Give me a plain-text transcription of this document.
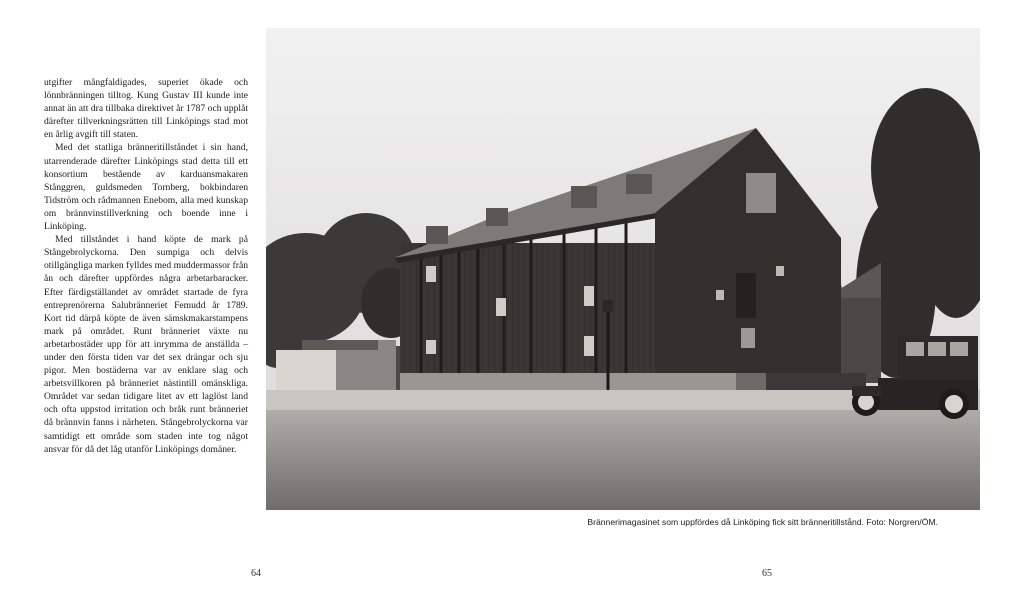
utgifter mångfaldigades, superiet ökade och lönnbränningen tilltog. Kung Gustav III kunde inte annat än att dra tillbaka direktivet år 1787 och upplåt därefter tillverkningsrätten till Linköpings stad mot en årlig avgift till staten.

Med det statliga bränneritillståndet i sin hand, utarrenderade därefter Linköpings stad detta till ett konsortium bestående av karduansmakaren Stånggren, guldsmeden Tornberg, bokbindaren Tidström och rådmannen Enebom, alla med kunskap om brännvinstillverkning och boende inne i Linköping.

Med tillståndet i hand köpte de mark på Stångebrolyckorna. Den sumpiga och delvis otillgängliga marken fylldes med muddermassor från ån och därefter uppfördes några arbetarbaracker. Efter färdigställandet av området startade de fyra entreprenörerna Salubränneriet Femudd år 1789. Kort tid därpå köpte de även sämskmakarstampens mark på området. Runt bränneriet växte nu arbetarbostäder upp för att inrymma de anställda – under den första tiden var det sex drängar och sju pigor. Men bostäderna var av enklare slag och arbetsvillkoren på bränneriet nästintill omänskliga. Området var sedan tidigare litet av ett laglöst land och ofta uppstod irritation och bråk runt bränneriet då brännvin fanns i närheten. Stångebrolyckorna var samtidigt ett område som staden inte tog något ansvar för då det låg utanför Linköpings domäner.

Brännerimagasinet som uppfördes då Linköping fick sitt bränneritillstånd. Foto: Norgren/ÖM.
64	65
